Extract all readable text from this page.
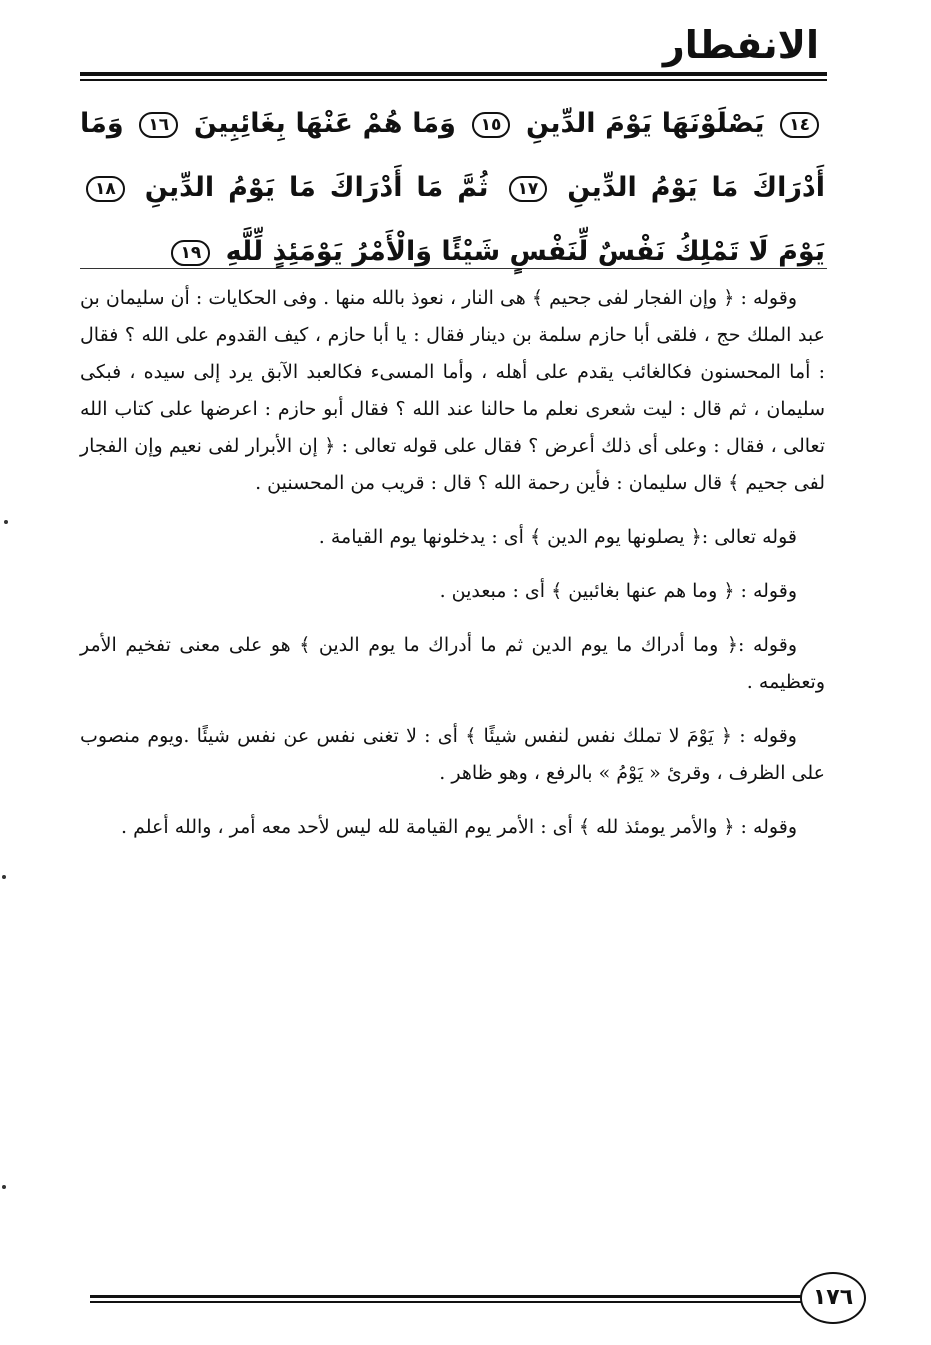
الانفطار
١٤ يَصْلَوْنَهَا يَوْمَ الدِّينِ ١٥ وَمَا هُمْ عَنْهَا بِغَائِبِينَ ١٦ وَمَا أَدْرَاكَ مَا يَوْمُ الدِّينِ ١٧ ثُمَّ مَا أَدْرَاكَ مَا يَوْمُ الدِّينِ ١٨ يَوْمَ لَا تَمْلِكُ نَفْسٌ لِّنَفْسٍ شَيْئًا وَالْأَمْرُ يَوْمَئِذٍ لِّلَّهِ ١٩

وقوله : ﴿ وإن الفجار لفى جحيم ﴾ هى النار ، نعوذ بالله منها . وفى الحكايات : أن سليمان بن عبد الملك حج ، فلقى أبا حازم سلمة بن دينار فقال : يا أبا حازم ، كيف القدوم على الله ؟ فقال : أما المحسنون فكالغائب يقدم على أهله ، وأما المسىء فكالعبد الآبق يرد إلى سيده ، فبكى سليمان ، ثم قال : ليت شعرى نعلم ما حالنا عند الله ؟ فقال أبو حازم : اعرضها على كتاب الله تعالى ، فقال : وعلى أى ذلك أعرض ؟ فقال على قوله تعالى : ﴿ إن الأبرار لفى نعيم وإن الفجار لفى جحيم ﴾ قال سليمان : فأين رحمة الله ؟ قال : قريب من المحسنين .

قوله تعالى :﴿ يصلونها يوم الدين ﴾ أى : يدخلونها يوم القيامة .

وقوله : ﴿ وما هم عنها بغائبين ﴾ أى : مبعدين .

وقوله :﴿ وما أدراك ما يوم الدين ثم ما أدراك ما يوم الدين ﴾ هو على معنى تفخيم الأمر وتعظيمه .

وقوله : ﴿ يَوْمَ لا تملك نفس لنفس شيئًا ﴾ أى : لا تغنى نفس عن نفس شيئًا .ويوم منصوب على الظرف ، وقرئ « يَوْمُ » بالرفع ، وهو ظاهر .

وقوله : ﴿ والأمر يومئذ لله ﴾ أى : الأمر يوم القيامة لله ليس لأحد معه أمر ، والله أعلم .

١٧٦
